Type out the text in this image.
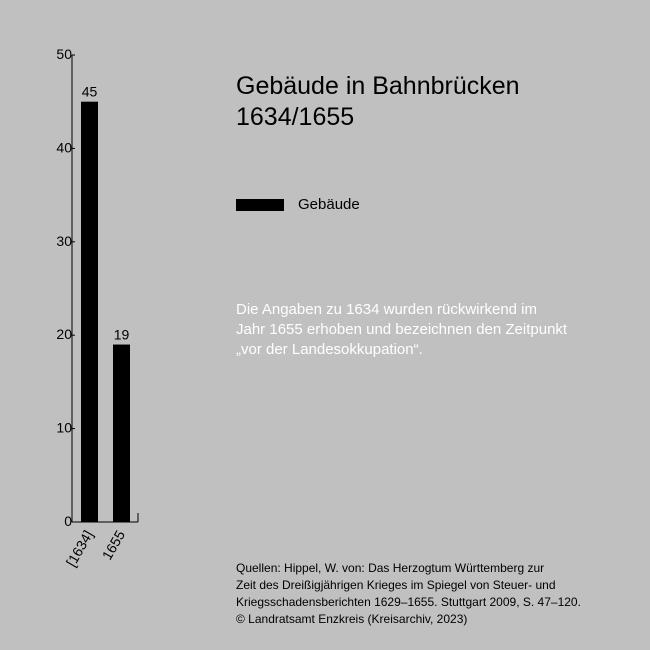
0
10
20
30
40
50
45
[1634]
19
1655
Gebäude in Bahnbrücken
1634/1655
Gebäude
Die Angaben zu 1634 wurden rückwirkend im
Jahr 1655 erhoben und bezeichnen den Zeitpunkt
„vor der Landesokkupation“.
Quellen: Hippel, W. von: Das Herzogtum Württemberg zur
Zeit des Dreißigjährigen Krieges im Spiegel von Steuer- und
Kriegsschadensberichten 1629–1655. Stuttgart 2009, S. 47–120.
© Landratsamt Enzkreis (Kreisarchiv, 2023)
